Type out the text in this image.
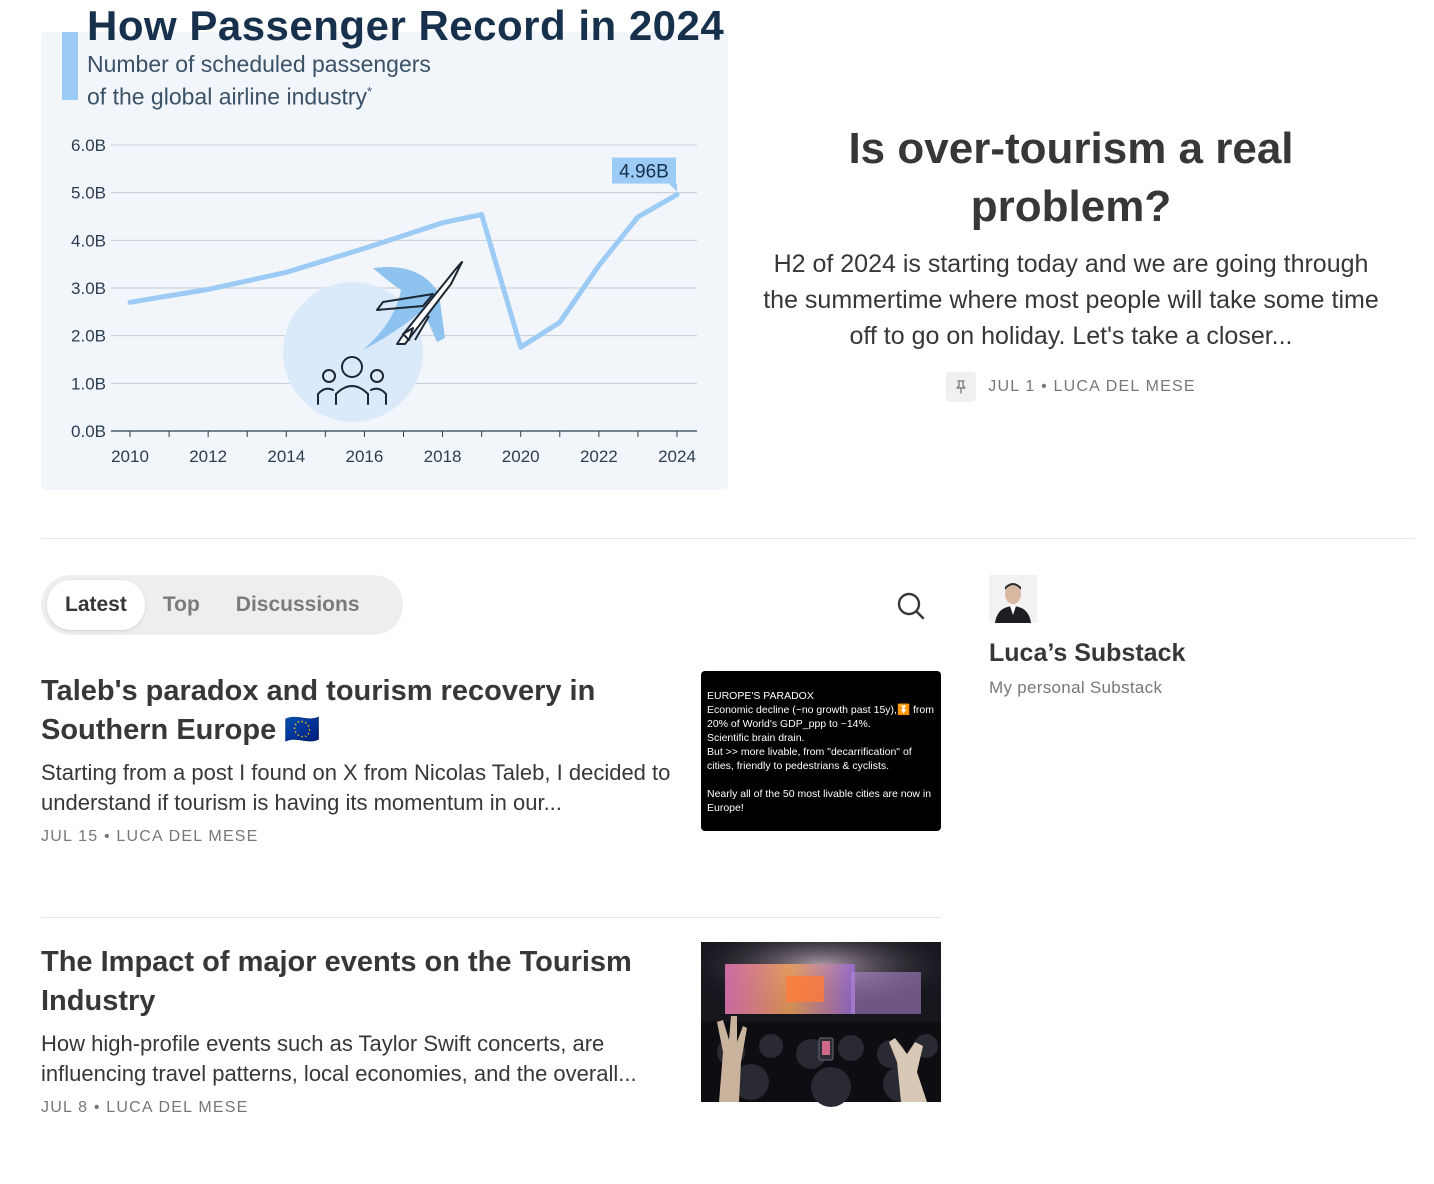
How Passenger Record in 2024
Number of scheduled passengers
of the global airline industry*
0.0B
1.0B
2.0B
3.0B
4.0B
5.0B
6.0B
2010 2012 2014 2016 2018 2020 2022 2024
4.96B	Is over-tourism a real problem?
H2 of 2024 is starting today and we are going through the summertime where most people will take some time off to go on holiday. Let's take a closer...
JUL 1 • LUCA DEL MESE
Latest	Top	Discussions
Taleb's paradox and tourism recovery in Southern Europe 🇪🇺
Starting from a post I found on X from Nicolas Taleb, I decided to understand if tourism is having its momentum in our...
JUL 15 • LUCA DEL MESE
EUROPE'S PARADOX
Economic decline (~no growth past 15y),⏬ from
20% of World's GDP_ppp to ~14%.
Scientific brain drain.
But >> more livable, from "decarrification" of
cities, friendly to pedestrians & cyclists.

Nearly all of the 50 most livable cities are now in
Europe!
The Impact of major events on the Tourism Industry
How high-profile events such as Taylor Swift concerts, are influencing travel patterns, local economies, and the overall...
JUL 8 • LUCA DEL MESE
Luca’s Substack
My personal Substack
